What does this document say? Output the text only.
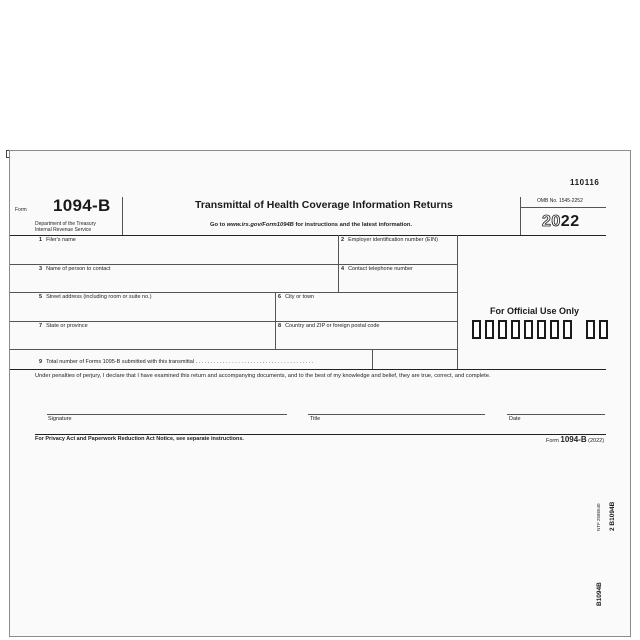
110116
Form 1094-B
Department of the Treasury
Internal Revenue Service
Transmittal of Health Coverage Information Returns
Go to www.irs.gov/Form1094B for instructions and the latest information.
OMB No. 1545-2252
2022
1 Filer's name	2 Employer identification number (EIN)
3 Name of person to contact	4 Contact telephone number
5 Street address (including room or suite no.)	6 City or town
7 State or province	8 Country and ZIP or foreign postal code
9 Total number of Forms 1095-B submitted with this transmittal . . . . . . . . . . . . . . . . . . . . . . . . . . . . . . . . . . . . . . .
For Official Use Only
Under penalties of perjury, I declare that I have examined this return and accompanying documents, and to the best of my knowledge and belief, they are true, correct, and complete.
Signature	Title	Date
For Privacy Act and Paperwork Reduction Act Notice, see separate instructions.	Form 1094-B (2022)
2 B1094B
NTF 2586540
B1094B
